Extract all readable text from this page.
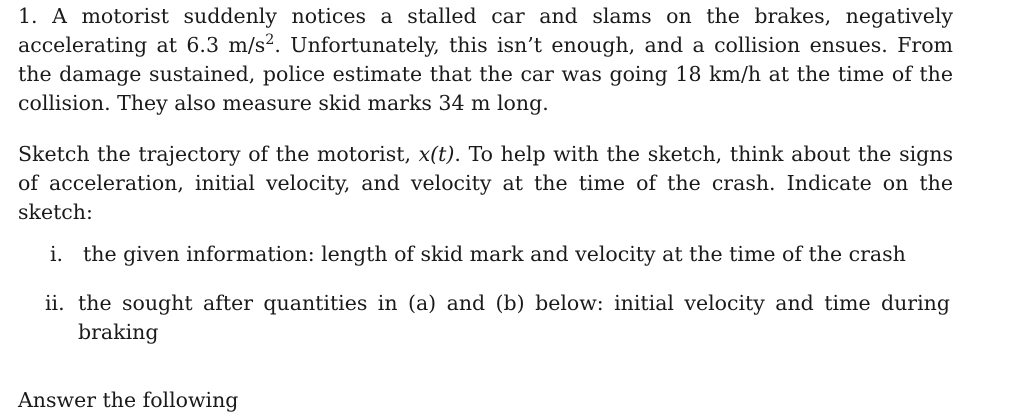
1. A motorist suddenly notices a stalled car and slams on the brakes, negatively accelerating at 6.3 $m/s^2$. Unfortunately, this isn’t enough, and a collision ensues. From the damage sustained, police estimate that the car was going 18 km/h at the time of the collision. They also measure skid marks 34 m long.

Sketch the trajectory of the motorist, x(t). To help with the sketch, think about the signs of acceleration, initial velocity, and velocity at the time of the crash. Indicate on the sketch:

i. the given information: length of skid mark and velocity at the time of the crash
ii. the sought after quantities in (a) and (b) below: initial velocity and time during braking

Answer the following
